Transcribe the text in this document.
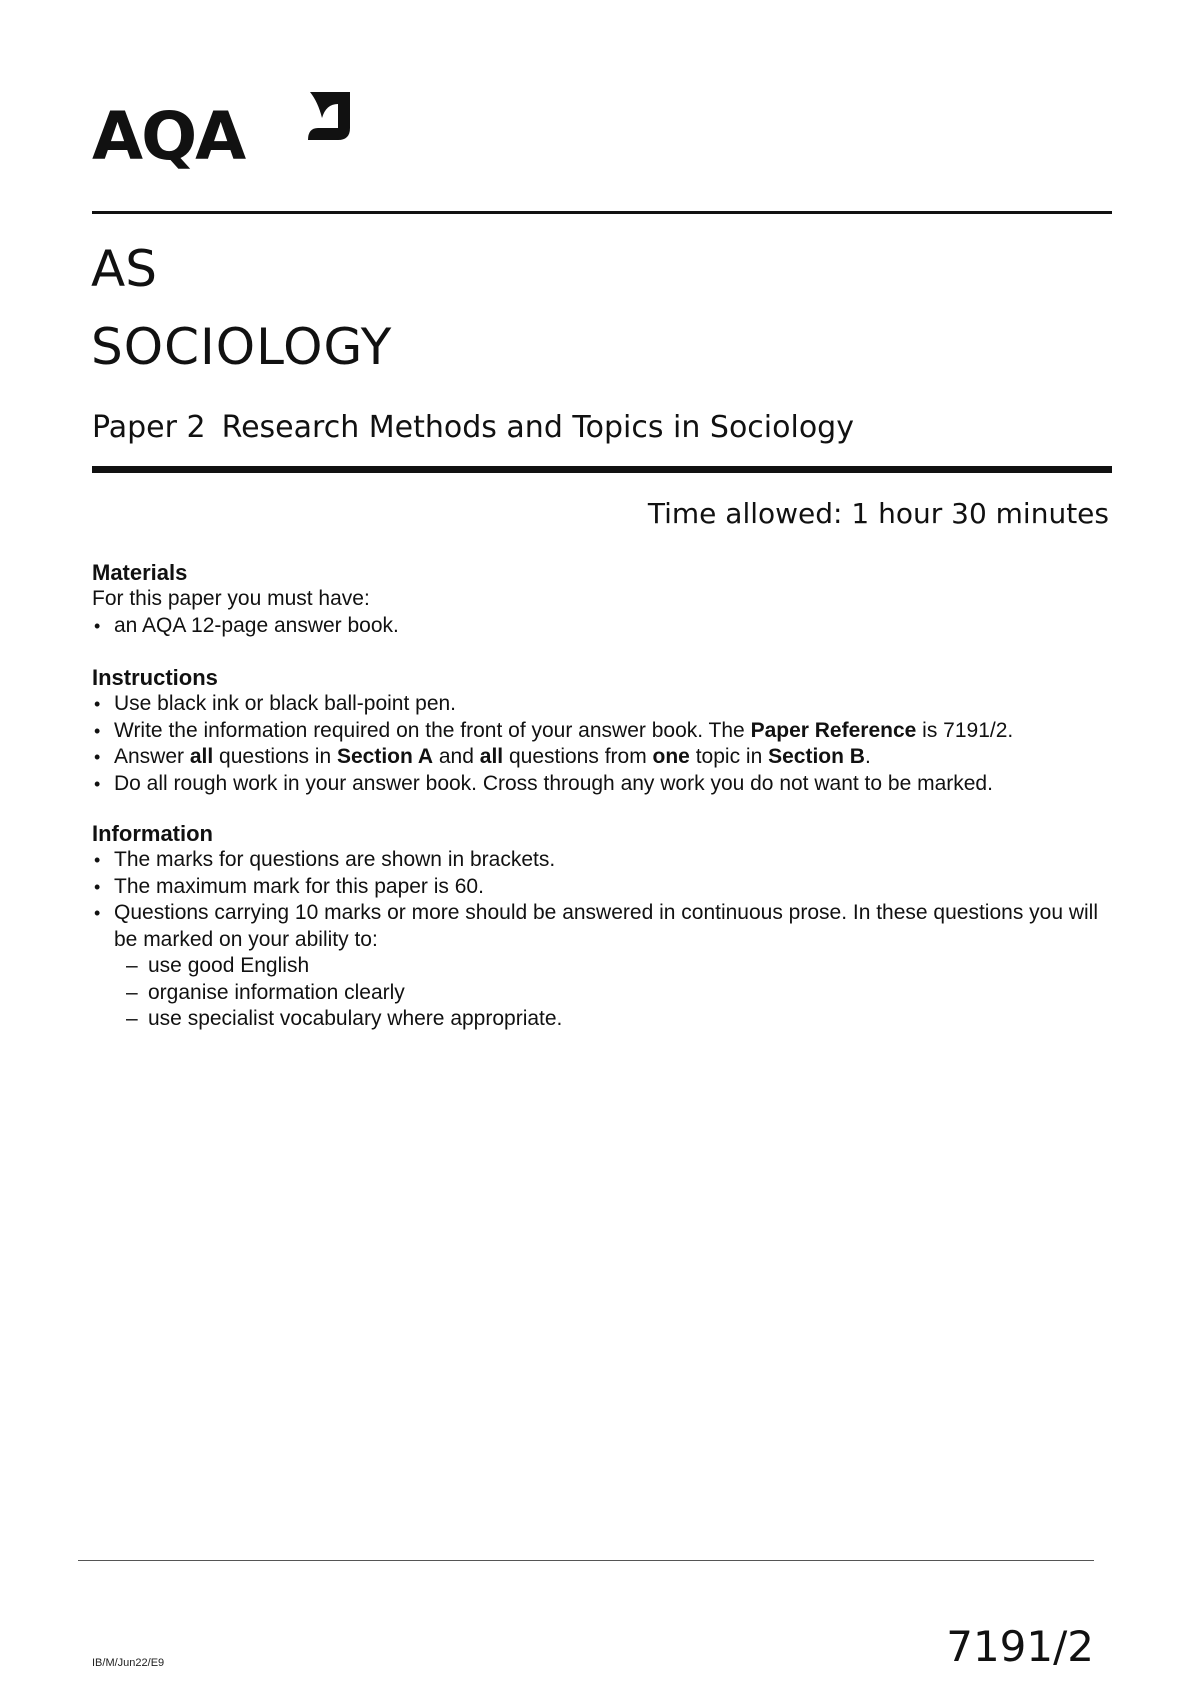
AQA
AS
SOCIOLOGY
Paper 2 Research Methods and Topics in Sociology
Time allowed: 1 hour 30 minutes
Materials

For this paper you must have:

• an AQA 12-page answer book.
Instructions
• Use black ink or black ball-point pen.
• Write the information required on the front of your answer book. The Paper Reference is 7191/2.
• Answer all questions in Section A and all questions from one topic in Section B.
• Do all rough work in your answer book. Cross through any work you do not want to be marked.
Information
• The marks for questions are shown in brackets.
• The maximum mark for this paper is 60.
• Questions carrying 10 marks or more should be answered in continuous prose. In these questions you will be marked on your ability to:
– use good English
– organise information clearly
– use specialist vocabulary where appropriate.
IB/M/Jun22/E9	7191/2
